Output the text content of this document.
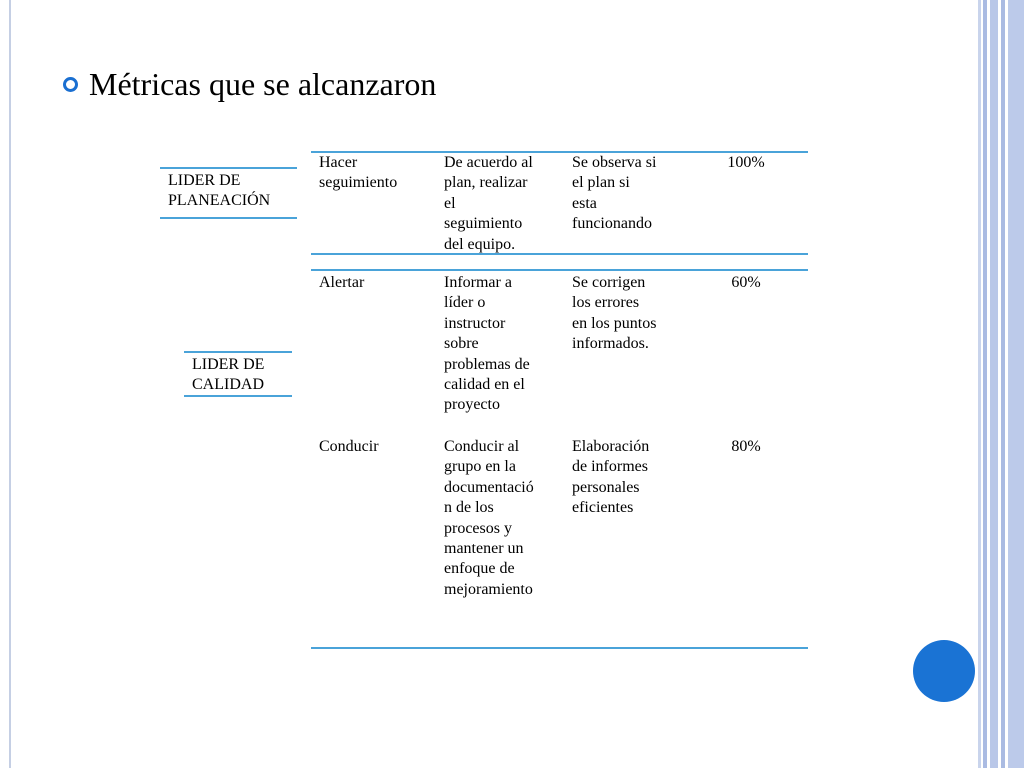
Métricas que se alcanzaron
LIDER DE
PLANEACIÓN
LIDER DE
CALIDAD
Hacer
seguimiento
De acuerdo al
plan, realizar
el
seguimiento
del equipo.
Se observa si
el plan si
esta
funcionando
100%
Alertar	Informar a
líder o
instructor
sobre
problemas de
calidad en el
proyecto
Se corrigen
los errores
en los puntos
informados.
60%
Conducir	Conducir al
grupo en la
documentació
n de los
procesos y
mantener un
enfoque de
mejoramiento
Elaboración
de informes
personales
eficientes
80%
